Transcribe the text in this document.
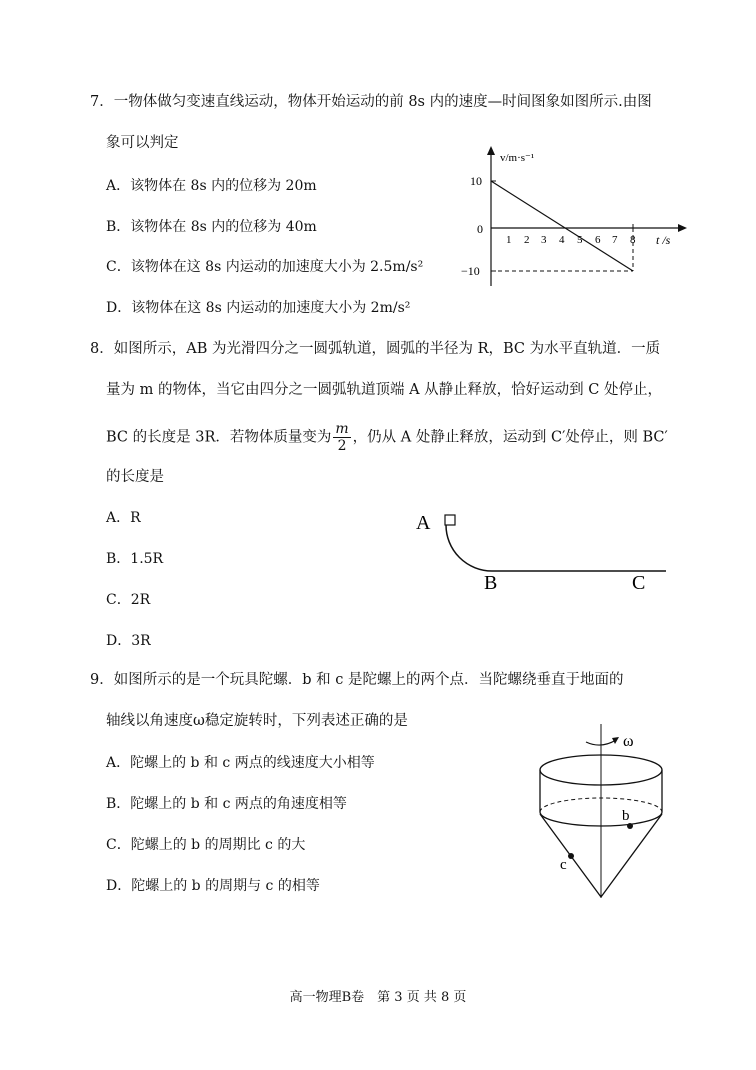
7．一物体做匀变速直线运动，物体开始运动的前 8s 内的速度—时间图象如图所示.由图
象可以判定
A．该物体在 8s 内的位移为 20m
B．该物体在 8s 内的位移为 40m
C．该物体在这 8s 内运动的加速度大小为 2.5m/s²
D．该物体在这 8s 内运动的加速度大小为 2m/s²
v/m·s⁻¹
10
0
−10
1 2 3 4 5 6 7 8 t /s
8．如图所示，AB 为光滑四分之一圆弧轨道，圆弧的半径为 R，BC 为水平直轨道．一质
量为 m 的物体，当它由四分之一圆弧轨道顶端 A 从静止释放，恰好运动到 C 处停止，
BC 的长度是 3R．若物体质量变为 $\frac{m}{2}$ ，仍从 A 处静止释放，运动到 C′处停止，则 BC′
的长度是
A．R
B．1.5R
C．2R
D．3R
A
B	C
9．如图所示的是一个玩具陀螺．b 和 c 是陀螺上的两个点．当陀螺绕垂直于地面的
轴线以角速度ω稳定旋转时，下列表述正确的是
A．陀螺上的 b 和 c 两点的线速度大小相等
B．陀螺上的 b 和 c 两点的角速度相等
C．陀螺上的 b 的周期比 c 的大
D．陀螺上的 b 的周期与 c 的相等
ω
b
c
高一物理B卷　第 3 页 共 8 页
